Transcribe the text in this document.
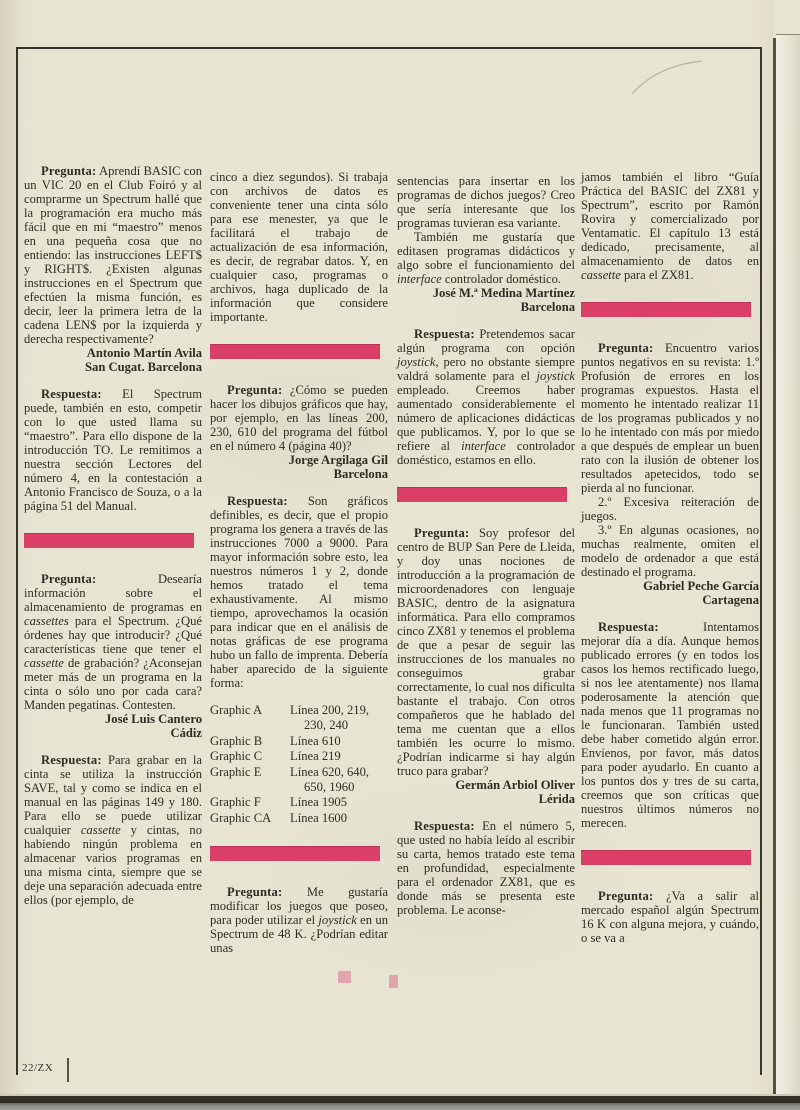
Pregunta: Aprendí BASIC con un VIC 20 en el Club Foiró y al comprarme un Spectrum hallé que la programación era mucho más fácil que en mi “maestro” menos en una pequeña cosa que no entiendo: las instrucciones LEFT$ y RIGHT$. ¿Existen algunas instrucciones en el Spectrum que efectúen la misma función, es decir, leer la primera letra de la cadena LEN$ por la izquierda y derecha respectivamente?

Antonio Martín Avila
San Cugat. Barcelona

Respuesta: El Spectrum puede, también en esto, competir con lo que usted llama su “maestro”. Para ello dispone de la introducción TO. Le remitimos a nuestra sección Lectores del número 4, en la contestación a Antonio Francisco de Souza, o a la página 51 del Manual.

Pregunta:	Desearía información sobre el almacenamiento de programas en cassettes para el Spectrum. ¿Qué órdenes hay que introducir? ¿Qué características tiene que tener el cassette de grabación? ¿Aconsejan meter más de un programa en la cinta o sólo uno por cada cara? Manden pegatinas. Contesten.

José Luis Cantero
Cádiz

Respuesta: Para grabar en la cinta se utiliza la instrucción SAVE, tal y como se indica en el manual en las páginas 149 y 180. Para ello se puede utilizar cualquier cassette y cintas, no habiendo ningún problema en almacenar varios programas en una misma cinta, siempre que se deje una separación adecuada entre ellos (por ejemplo, de

cinco a diez segundos). Si trabaja con archivos de datos es conveniente tener una cinta sólo para ese menester, ya que le facilitará el trabajo de actualización de esa información, es decir, de regrabar datos. Y, en cualquier caso, programas o archivos, haga duplicado de la información que considere importante.

Pregunta: ¿Cómo se pueden hacer los dibujos gráficos que hay, por ejemplo, en las líneas 200, 230, 610 del programa del fútbol en el número 4 (página 40)?

Jorge Argilaga Gil
Barcelona

Respuesta: Son gráficos definibles, es decir, que el propio programa los genera a través de las instrucciones 7000 a 9000. Para mayor información sobre esto, lea nuestros números 1 y 2, donde hemos tratado el tema exhaustivamente. Al mismo tiempo, aprovechamos la ocasión para indicar que en el análisis de notas gráficas de ese programa hubo un fallo de imprenta. Debería haber aparecido de la siguiente forma:

Graphic A	Línea 200, 219,
230, 240
Graphic B	Línea 610
Graphic C	Línea 219
Graphic E	Línea 620, 640,
650, 1960
Graphic F	Línea 1905
Graphic CA	Línea 1600

Pregunta: Me gustaría modificar los juegos que poseo, para poder utilizar el joystick en un Spectrum de 48 K. ¿Podrían editar unas

sentencias para insertar en los programas de dichos juegos? Creo que sería interesante que los programas tuvieran esa variante.

También me gustaría que editasen programas didácticos y algo sobre el funcionamiento del interface controlador doméstico.

José M.ª Medina Martínez
Barcelona

Respuesta: Pretendemos sacar algún programa con opción joystick, pero no obstante siempre valdrá solamente para el joystick empleado. Creemos haber aumentado considerablemente el número de aplicaciones didácticas que publicamos. Y, por lo que se refiere al interface controlador doméstico, estamos en ello.

Pregunta: Soy profesor del centro de BUP San Pere de Lleida, y doy unas nociones de introducción a la programación de microordenadores con lenguaje BASIC, dentro de la asignatura informática. Para ello compramos cinco ZX81 y tenemos el problema de que a pesar de seguir las instrucciones de los manuales no conseguimos grabar correctamente, lo cual nos dificulta bastante el trabajo. Con otros compañeros que he hablado del tema me cuentan que a ellos también les ocurre lo mismo. ¿Podrían indicarme si hay algún truco para grabar?

Germán Arbiol Oliver
Lérida

Respuesta: En el número 5, que usted no había leído al escribir su carta, hemos tratado este tema en profundidad, especialmente para el ordenador ZX81, que es donde más se presenta este problema. Le aconse-

jamos también el libro “Guía Práctica del BASIC del ZX81 y Spectrum”, escrito por Ramón Rovira y comercializado por Ventamatic. El capítulo 13 está dedicado, precisamente, al almacenamiento de datos en cassette para el ZX81.

Pregunta: Encuentro varios puntos negativos en su revista: 1.º Profusión de errores en los programas expuestos. Hasta el momento he intentado realizar 11 de los programas publicados y no lo he intentado con más por miedo a que después de emplear un buen rato con la ilusión de obtener los resultados apetecidos, todo se pierda al no funcionar.

2.º Excesiva reiteración de juegos.

3.º En algunas ocasiones, no muchas realmente, omiten el modelo de ordenador a que está destinado el programa.

Gabriel Peche García
Cartagena

Respuesta:	Intentamos mejorar día a día. Aunque hemos publicado errores (y en todos los casos los hemos rectificado luego, si nos lee atentamente) nos llama poderosamente la atención que nada menos que 11 programas no le funcionaran. También usted debe haber cometido algún error. Envíenos, por favor, más datos para poder ayudarlo. En cuanto a los puntos dos y tres de su carta, creemos que son críticas que nuestros últimos números no merecen.

Pregunta: ¿Va a salir al mercado español algún Spectrum 16 K con alguna mejora, y cuándo, o se va a

22/ZX
